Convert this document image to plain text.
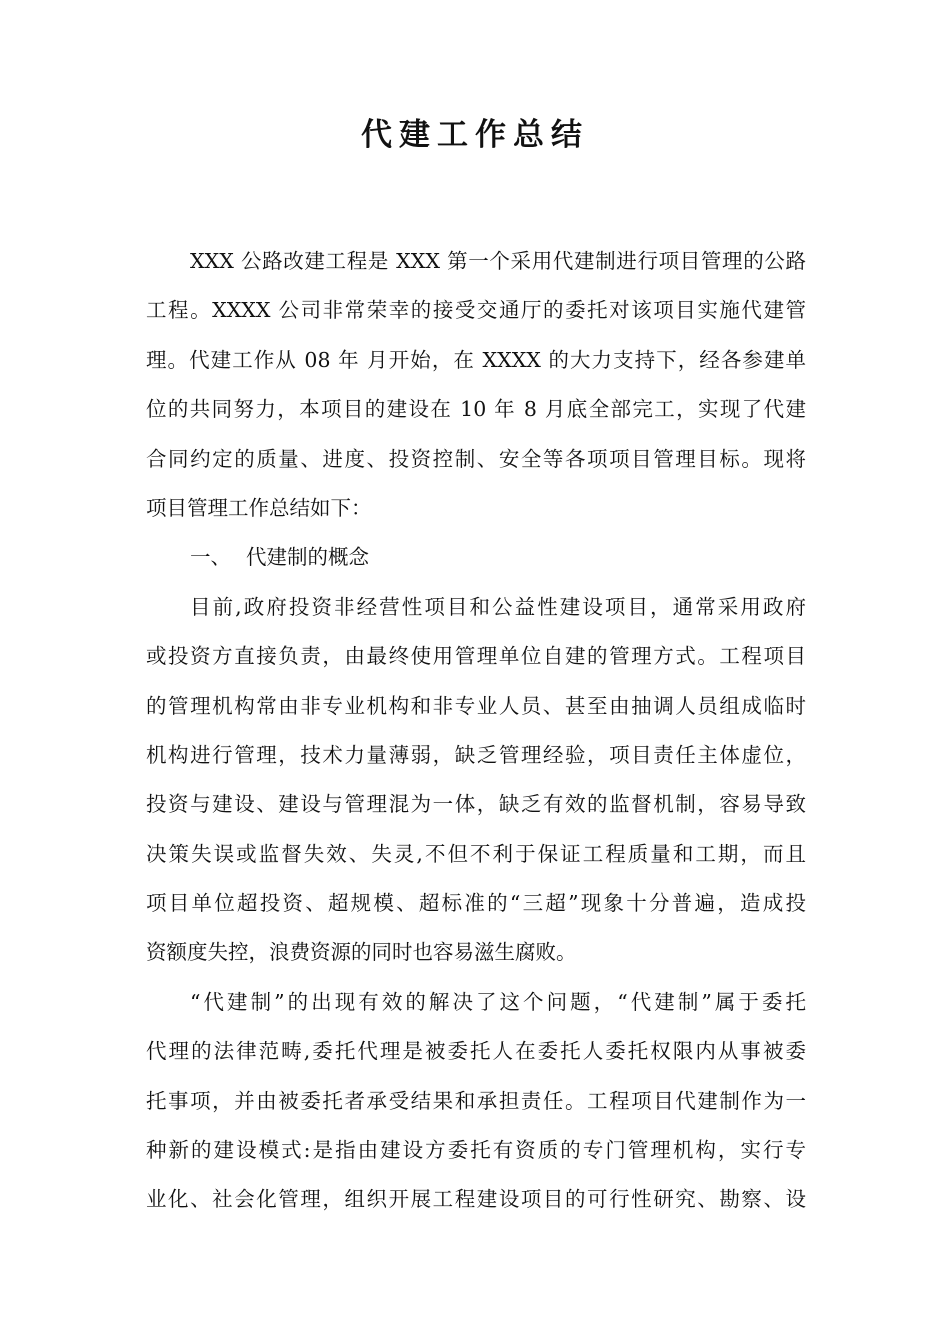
代建工作总结
XXX 公路改建工程是 XXX 第一个采用代建制进行项目管理的公路
工程。XXXX 公司非常荣幸的接受交通厅的委托对该项目实施代建管
理。代建工作从 08 年 月开始，在 XXXX 的大力支持下，经各参建单
位的共同努力，本项目的建设在 10 年 8 月底全部完工，实现了代建
合同约定的质量、进度、投资控制、安全等各项项目管理目标。现将
项目管理工作总结如下：
一、 代建制的概念
目前,政府投资非经营性项目和公益性建设项目，通常采用政府
或投资方直接负责，由最终使用管理单位自建的管理方式。工程项目
的管理机构常由非专业机构和非专业人员、甚至由抽调人员组成临时
机构进行管理，技术力量薄弱，缺乏管理经验，项目责任主体虚位，
投资与建设、建设与管理混为一体，缺乏有效的监督机制，容易导致
决策失误或监督失效、失灵,不但不利于保证工程质量和工期，而且
项目单位超投资、超规模、超标准的“三超”现象十分普遍，造成投
资额度失控，浪费资源的同时也容易滋生腐败。
“代建制”的出现有效的解决了这个问题，“代建制”属于委托
代理的法律范畴,委托代理是被委托人在委托人委托权限内从事被委
托事项，并由被委托者承受结果和承担责任。工程项目代建制作为一
种新的建设模式:是指由建设方委托有资质的专门管理机构，实行专
业化、社会化管理，组织开展工程建设项目的可行性研究、勘察、设
